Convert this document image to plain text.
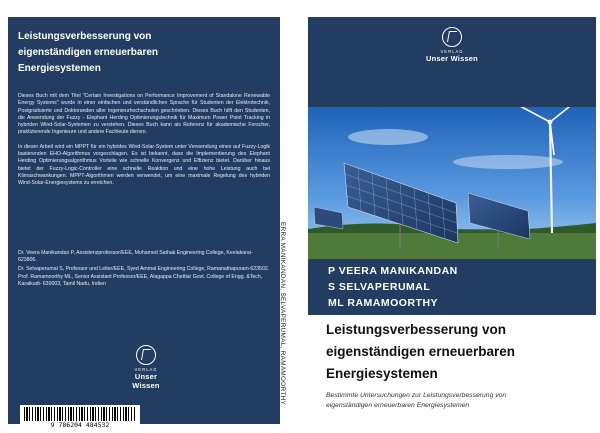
Leistungsverbesserung von
eigenständigen erneuerbaren
Energiesystemen

Dieses Buch mit dem Titel "Certain Investigations on Performance Improvement of Standalone Renewable Energy Systems" wurde in einer einfachen und verständlichen Sprache für Studenten der Elektrotechnik, Postgraduierte und Doktoranden aller Ingenieurhochschulen geschrieben. Dieses Buch hilft den Studenten, die Anwendung der Fuzzy - Elephant Herding Optimierungstechnik für Maximum Power Point Tracking in hybriden Wind-Solar-Systemen zu verstehen. Dieses Buch kann als Referenz für akademische Forscher, praktizierende Ingenieure und andere Fachleute dienen.

In dieser Arbeit wird ein MPPT für ein hybrides Wind-Solar-System unter Verwendung eines auf Fuzzy-Logik basierenden EHO-Algorithmus vorgeschlagen. Es ist bekannt, dass die Implementierung des Elephant Herding Optimierungsalgorithmus Vorteile wie schnelle Konvergenz und Effizienz bietet. Darüber hinaus bietet der Fuzzy-Logic-Controller eine schnelle Reaktion und eine hohe Leistung auch bei Klimaschwankungen. MPPT-Algorithmen werden verwendet, um eine maximale Regelung des hybriden Wind-Solar-Energiesystems zu erreichen.

Dr. Veera Manikandan P, Assistenzprofessor/EEE, Mohamed Sathak Engineering College, Keelakarai- 623806.

Dr. Selvaperumal S, Professor und Leiter/EEE, Syed Ammal Engineering College, Ramanathapuram-623502.

Prof. Ramamoorthy ML, Senior Assistant Professor/EEE, Alagappa Chettiar Govt. College of Engg. &Tech, Karaikudi- 630003, Tamil Nadu, Indien

VERLAG
Unser Wissen
9 786204 484532
ERRA MANIKANDAN, SELVAPERUMAL, RAMAMOORTHY
VERLAG
Unser Wissen
P VEERA MANIKANDAN
S SELVAPERUMAL
ML RAMAMOORTHY
Leistungsverbesserung von
eigenständigen erneuerbaren
Energiesystemen
Bestimmte Untersuchungen zur Leistungsverbesserung von
eigenständigen erneuerbaren Energiesystemen
